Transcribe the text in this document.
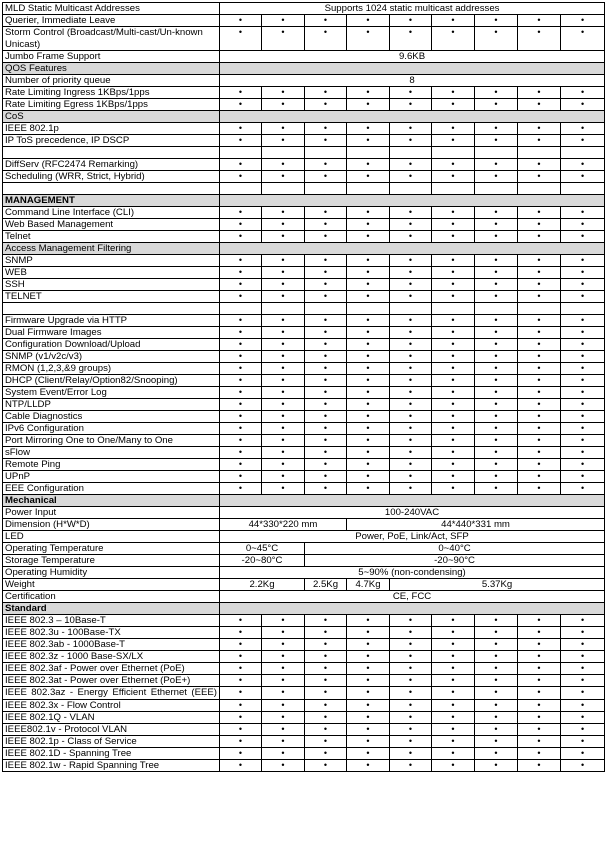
MLD Static Multicast Addresses	Supports 1024 static multicast addresses								
Querier, Immediate Leave	•	•	•	•	•	•	•	•	•
Storm Control (Broadcast/Multi-cast/Un-known Unicast)	•	•	•	•	•	•	•	•	•
Jumbo Frame Support	9.6KB								
QOS Features									
Number of priority queue	8								
Rate Limiting Ingress 1KBps/1pps	•	•	•	•	•	•	•	•	•
Rate Limiting Egress 1KBps/1pps	•	•	•	•	•	•	•	•	•
CoS									
IEEE 802.1p	•	•	•	•	•	•	•	•	•
IP ToS precedence, IP DSCP	•	•	•	•	•	•	•	•	•

DiffServ (RFC2474 Remarking)	•	•	•	•	•	•	•	•	•
Scheduling (WRR, Strict, Hybrid)	•	•	•	•	•	•	•	•	•

MANAGEMENT									
Command Line Interface (CLI)	•	•	•	•	•	•	•	•	•
Web Based Management	•	•	•	•	•	•	•	•	•
Telnet	•	•	•	•	•	•	•	•	•
Access Management Filtering									
SNMP	•	•	•	•	•	•	•	•	•
WEB	•	•	•	•	•	•	•	•	•
SSH	•	•	•	•	•	•	•	•	•
TELNET	•	•	•	•	•	•	•	•	•

Firmware Upgrade via HTTP	•	•	•	•	•	•	•	•	•
Dual Firmware Images	•	•	•	•	•	•	•	•	•
Configuration Download/Upload	•	•	•	•	•	•	•	•	•
SNMP (v1/v2c/v3)	•	•	•	•	•	•	•	•	•
RMON (1,2,3,&9 groups)	•	•	•	•	•	•	•	•	•
DHCP (Client/Relay/Option82/Snooping)	•	•	•	•	•	•	•	•	•
System Event/Error Log	•	•	•	•	•	•	•	•	•
NTP/LLDP	•	•	•	•	•	•	•	•	•
Cable Diagnostics	•	•	•	•	•	•	•	•	•
IPv6 Configuration	•	•	•	•	•	•	•	•	•
Port Mirroring One to One/Many to One	•	•	•	•	•	•	•	•	•
sFlow	•	•	•	•	•	•	•	•	•
Remote Ping	•	•	•	•	•	•	•	•	•
UPnP	•	•	•	•	•	•	•	•	•
EEE Configuration	•	•	•	•	•	•	•	•	•
Mechanical									
Power Input	100-240VAC								
Dimension (H*W*D)	44*330*220 mm			44*440*331 mm					
LED	Power, PoE, Link/Act, SFP								
Operating Temperature	0~45°C		0~40°C						
Storage Temperature	-20~80°C		-20~90°C						
Operating Humidity	5~90% (non-condensing)								
Weight	2.2Kg		2.5Kg	4.7Kg	5.37Kg				
Certification	CE, FCC								
Standard									
IEEE 802.3 – 10Base-T	•	•	•	•	•	•	•	•	•
IEEE 802.3u - 100Base-TX	•	•	•	•	•	•	•	•	•
IEEE 802.3ab - 1000Base-T	•	•	•	•	•	•	•	•	•
IEEE 802.3z - 1000 Base-SX/LX	•	•	•	•	•	•	•	•	•
IEEE 802.3af - Power over Ethernet (PoE)	•	•	•	•	•	•	•	•	•
IEEE 802.3at - Power over Ethernet (PoE+)	•	•	•	•	•	•	•	•	•
IEEE 802.3az - Energy Efficient Ethernet (EEE)	•	•	•	•	•	•	•	•	•
IEEE 802.3x - Flow Control	•	•	•	•	•	•	•	•	•
IEEE 802.1Q - VLAN	•	•	•	•	•	•	•	•	•
IEEE802.1v - Protocol VLAN	•	•	•	•	•	•	•	•	•
IEEE 802.1p - Class of Service	•	•	•	•	•	•	•	•	•
IEEE 802.1D - Spanning Tree	•	•	•	•	•	•	•	•	•
IEEE 802.1w - Rapid Spanning Tree	•	•	•	•	•	•	•	•	•
